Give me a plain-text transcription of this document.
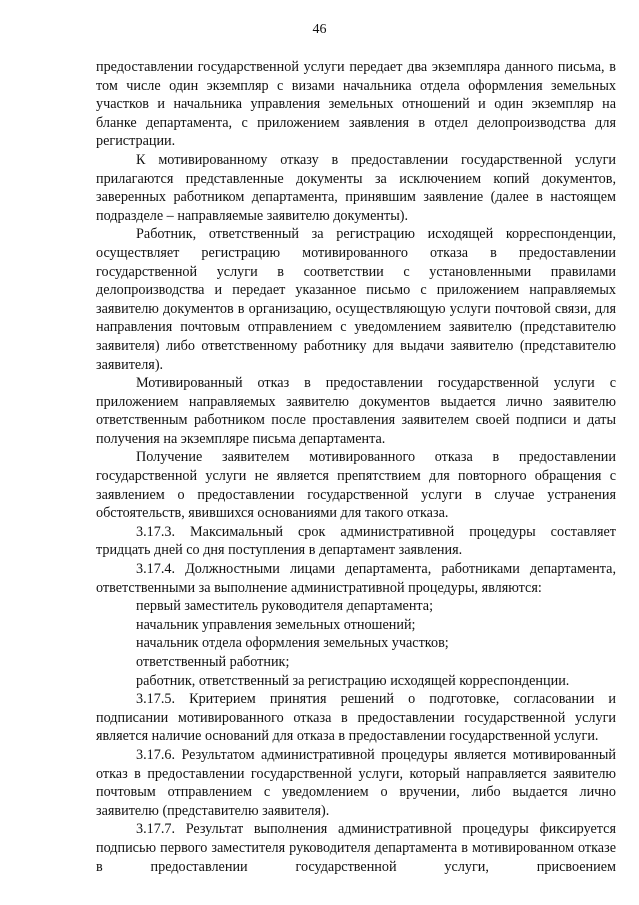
46

предоставлении государственной услуги передает два экземпляра данного письма, в том числе один экземпляр с визами начальника отдела оформления земельных участков и начальника управления земельных отношений и один экземпляр на бланке департамента, с приложением заявления в отдел делопроизводства для регистрации.

К мотивированному отказу в предоставлении государственной услуги прилагаются представленные документы за исключением копий документов, заверенных работником департамента, принявшим заявление (далее в настоящем подразделе – направляемые заявителю документы).

Работник, ответственный за регистрацию исходящей корреспонденции, осуществляет регистрацию мотивированного отказа в предоставлении государственной услуги в соответствии с установленными правилами делопроизводства и передает указанное письмо с приложением направляемых заявителю документов в организацию, осуществляющую услуги почтовой связи, для направления почтовым отправлением с уведомлением заявителю (представителю заявителя) либо ответственному работнику для выдачи заявителю (представителю заявителя).

Мотивированный отказ в предоставлении государственной услуги с приложением направляемых заявителю документов выдается лично заявителю ответственным работником после проставления заявителем своей подписи и даты получения на экземпляре письма департамента.

Получение заявителем мотивированного отказа в предоставлении государственной услуги не является препятствием для повторного обращения с заявлением о предоставлении государственной услуги в случае устранения обстоятельств, явившихся основаниями для такого отказа.

3.17.3. Максимальный срок административной процедуры составляет тридцать дней со дня поступления в департамент заявления.

3.17.4. Должностными лицами департамента, работниками департамента, ответственными за выполнение административной процедуры, являются:

первый заместитель руководителя департамента;

начальник управления земельных отношений;

начальник отдела оформления земельных участков;

ответственный работник;

работник, ответственный за регистрацию исходящей корреспонденции.

3.17.5. Критерием принятия решений о подготовке, согласовании и подписании мотивированного отказа в предоставлении государственной услуги является наличие оснований для отказа в предоставлении государственной услуги.

3.17.6. Результатом административной процедуры является мотивированный отказ в предоставлении государственной услуги, который направляется заявителю почтовым отправлением с уведомлением о вручении, либо выдается лично заявителю (представителю заявителя).

3.17.7. Результат выполнения административной процедуры фиксируется подписью первого заместителя руководителя департамента в мотивированном отказе в предоставлении государственной услуги, присвоением
